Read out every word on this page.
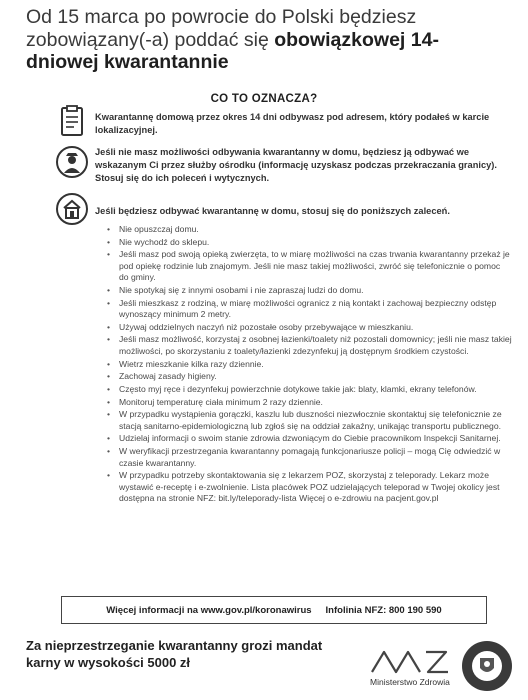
Od 15 marca po powrocie do Polski będziesz zobowiązany(-a) poddać się obowiązkowej 14-dniowej kwarantannie
CO TO OZNACZA?
Kwarantannę domową przez okres 14 dni odbywasz pod adresem, który podałeś w karcie lokalizacyjnej.
Jeśli nie masz możliwości odbywania kwarantanny w domu, będziesz ją odbywać we wskazanym Ci przez służby ośrodku (informację uzyskasz podczas przekraczania granicy). Stosuj się do ich poleceń i wytycznych.
Jeśli będziesz odbywać kwarantannę w domu, stosuj się do poniższych zaleceń.
• Nie opuszczaj domu.
• Nie wychodź do sklepu.
• Jeśli masz pod swoją opieką zwierzęta, to w miarę możliwości na czas trwania kwarantanny przekaż je pod opiekę rodzinie lub znajomym. Jeśli nie masz takiej możliwości, zwróć się telefonicznie o pomoc do gminy.
• Nie spotykaj się z innymi osobami i nie zapraszaj ludzi do domu.
• Jeśli mieszkasz z rodziną, w miarę możliwości ogranicz z nią kontakt i zachowaj bezpieczny odstęp wynoszący minimum 2 metry.
• Używaj oddzielnych naczyń niż pozostałe osoby przebywające w mieszkaniu.
• Jeśli masz możliwość, korzystaj z osobnej łazienki/toalety niż pozostali domownicy; jeśli nie masz takiej możliwości, po skorzystaniu z toalety/łazienki zdezynfekuj ją dostępnym środkiem czystości.
• Wietrz mieszkanie kilka razy dziennie.
• Zachowaj zasady higieny.
• Często myj ręce i dezynfekuj powierzchnie dotykowe takie jak: blaty, klamki, ekrany telefonów.
• Monitoruj temperaturę ciała minimum 2 razy dziennie.
• W przypadku wystąpienia gorączki, kaszlu lub duszności niezwłocznie skontaktuj się telefonicznie ze stacją sanitarno-epidemiologiczną lub zgłoś się na oddział zakaźny, unikając transportu publicznego.
• Udzielaj informacji o swoim stanie zdrowia dzwoniącym do Ciebie pracownikom Inspekcji Sanitarnej.
• W weryfikacji przestrzegania kwarantanny pomagają funkcjonariusze policji – mogą Cię odwiedzić w czasie kwarantanny.
• W przypadku potrzeby skontaktowania się z lekarzem POZ, skorzystaj z teleporady. Lekarz może wystawić e-receptę i e-zwolnienie. Lista placówek POZ udzielających teleporad w Twojej okolicy jest dostępna na stronie NFZ: bit.ly/teleporady-lista Więcej o e-zdrowiu na pacjent.gov.pl
Więcej informacji na www.gov.pl/koronawirus Infolinia NFZ: 800 190 590
Za nieprzestrzeganie kwarantanny grozi mandat karny w wysokości 5000 zł
Ministerstwo Zdrowia
